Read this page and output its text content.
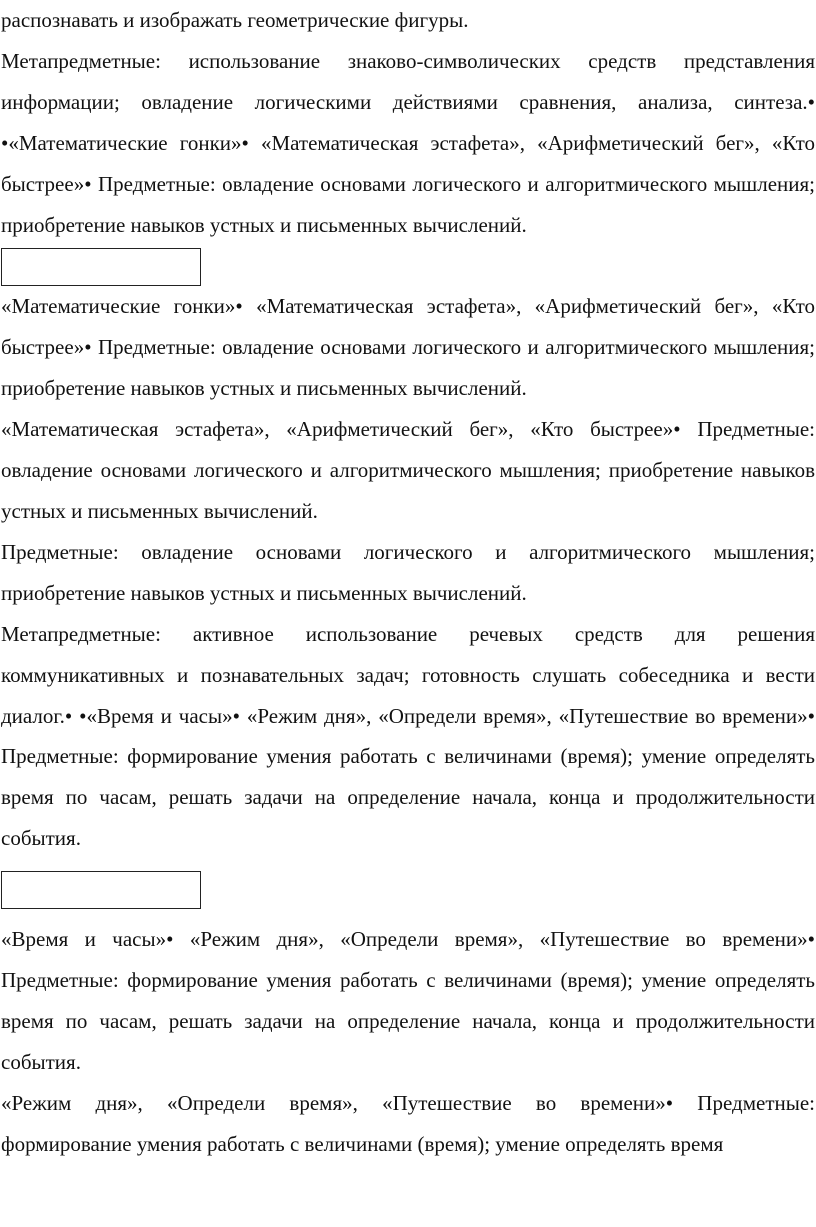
распознавать и изображать геометрические фигуры.

Метапредметные: использование знаково-символических средств представления информации; овладение логическими действиями сравнения, анализа, синтеза.• •«Математические гонки»• «Математическая эстафета», «Арифметический бег», «Кто быстрее»• Предметные: овладение основами логического и алгоритмического мышления; приобретение навыков устных и письменных вычислений.

«Математические гонки»• «Математическая эстафета», «Арифметический бег», «Кто быстрее»• Предметные: овладение основами логического и алгоритмического мышления; приобретение навыков устных и письменных вычислений.

«Математическая эстафета», «Арифметический бег», «Кто быстрее»• Предметные: овладение основами логического и алгоритмического мышления; приобретение навыков устных и письменных вычислений.

Предметные: овладение основами логического и алгоритмического мышления; приобретение навыков устных и письменных вычислений.

Метапредметные: активное использование речевых средств для решения коммуникативных и познавательных задач; готовность слушать собеседника и вести диалог.• •«Время и часы»• «Режим дня», «Определи время», «Путешествие во времени»• Предметные: формирование умения работать с величинами (время); умение определять время по часам, решать задачи на определение начала, конца и продолжительности события.

«Время и часы»• «Режим дня», «Определи время», «Путешествие во времени»• Предметные: формирование умения работать с величинами (время); умение определять время по часам, решать задачи на определение начала, конца и продолжительности события.

«Режим дня», «Определи время», «Путешествие во времени»• Предметные: формирование умения работать с величинами (время); умение определять время
